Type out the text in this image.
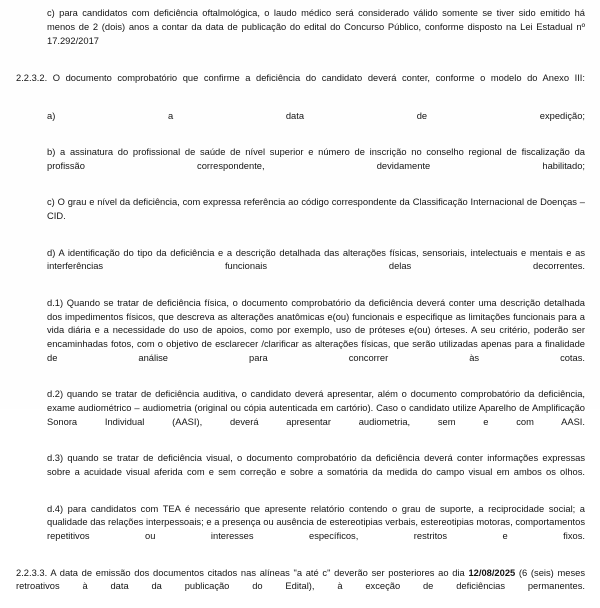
c) para candidatos com deficiência oftalmológica, o laudo médico será considerado válido somente se tiver sido emitido há menos de 2 (dois) anos a contar da data de publicação do edital do Concurso Público, conforme disposto na Lei Estadual nº 17.292/2017

2.2.3.2. O documento comprobatório que confirme a deficiência do candidato deverá conter, conforme o modelo do Anexo III:

a) a data de expedição;

b) a assinatura do profissional de saúde de nível superior e número de inscrição no conselho regional de fiscalização da profissão correspondente, devidamente habilitado;

c) O grau e nível da deficiência, com expressa referência ao código correspondente da Classificação Internacional de Doenças – CID.

d) A identificação do tipo da deficiência e a descrição detalhada das alterações físicas, sensoriais, intelectuais e mentais e as interferências funcionais delas decorrentes.

d.1) Quando se tratar de deficiência física, o documento comprobatório da deficiência deverá conter uma descrição detalhada dos impedimentos físicos, que descreva as alterações anatômicas e(ou) funcionais e especifique as limitações funcionais para a vida diária e a necessidade do uso de apoios, como por exemplo, uso de próteses e(ou) órteses. A seu critério, poderão ser encaminhadas fotos, com o objetivo de esclarecer /clarificar as alterações físicas, que serão utilizadas apenas para a finalidade de análise para concorrer às cotas.

d.2) quando se tratar de deficiência auditiva, o candidato deverá apresentar, além o documento comprobatório da deficiência, exame audiométrico – audiometria (original ou cópia autenticada em cartório). Caso o candidato utilize Aparelho de Amplificação Sonora Individual (AASI), deverá apresentar audiometria, sem e com AASI.

d.3) quando se tratar de deficiência visual, o documento comprobatório da deficiência deverá conter informações expressas sobre a acuidade visual aferida com e sem correção e sobre a somatória da medida do campo visual em ambos os olhos.

d.4) para candidatos com TEA é necessário que apresente relatório contendo o grau de suporte, a reciprocidade social; a qualidade das relações interpessoais; e a presença ou ausência de estereotipias verbais, estereotipias motoras, comportamentos repetitivos ou interesses específicos, restritos e fixos.

2.2.3.3. A data de emissão dos documentos citados nas alíneas "a até c" deverão ser posteriores ao dia 12/08/2025 (6 (seis) meses retroativos à data da publicação do Edital), à exceção de deficiências permanentes.
